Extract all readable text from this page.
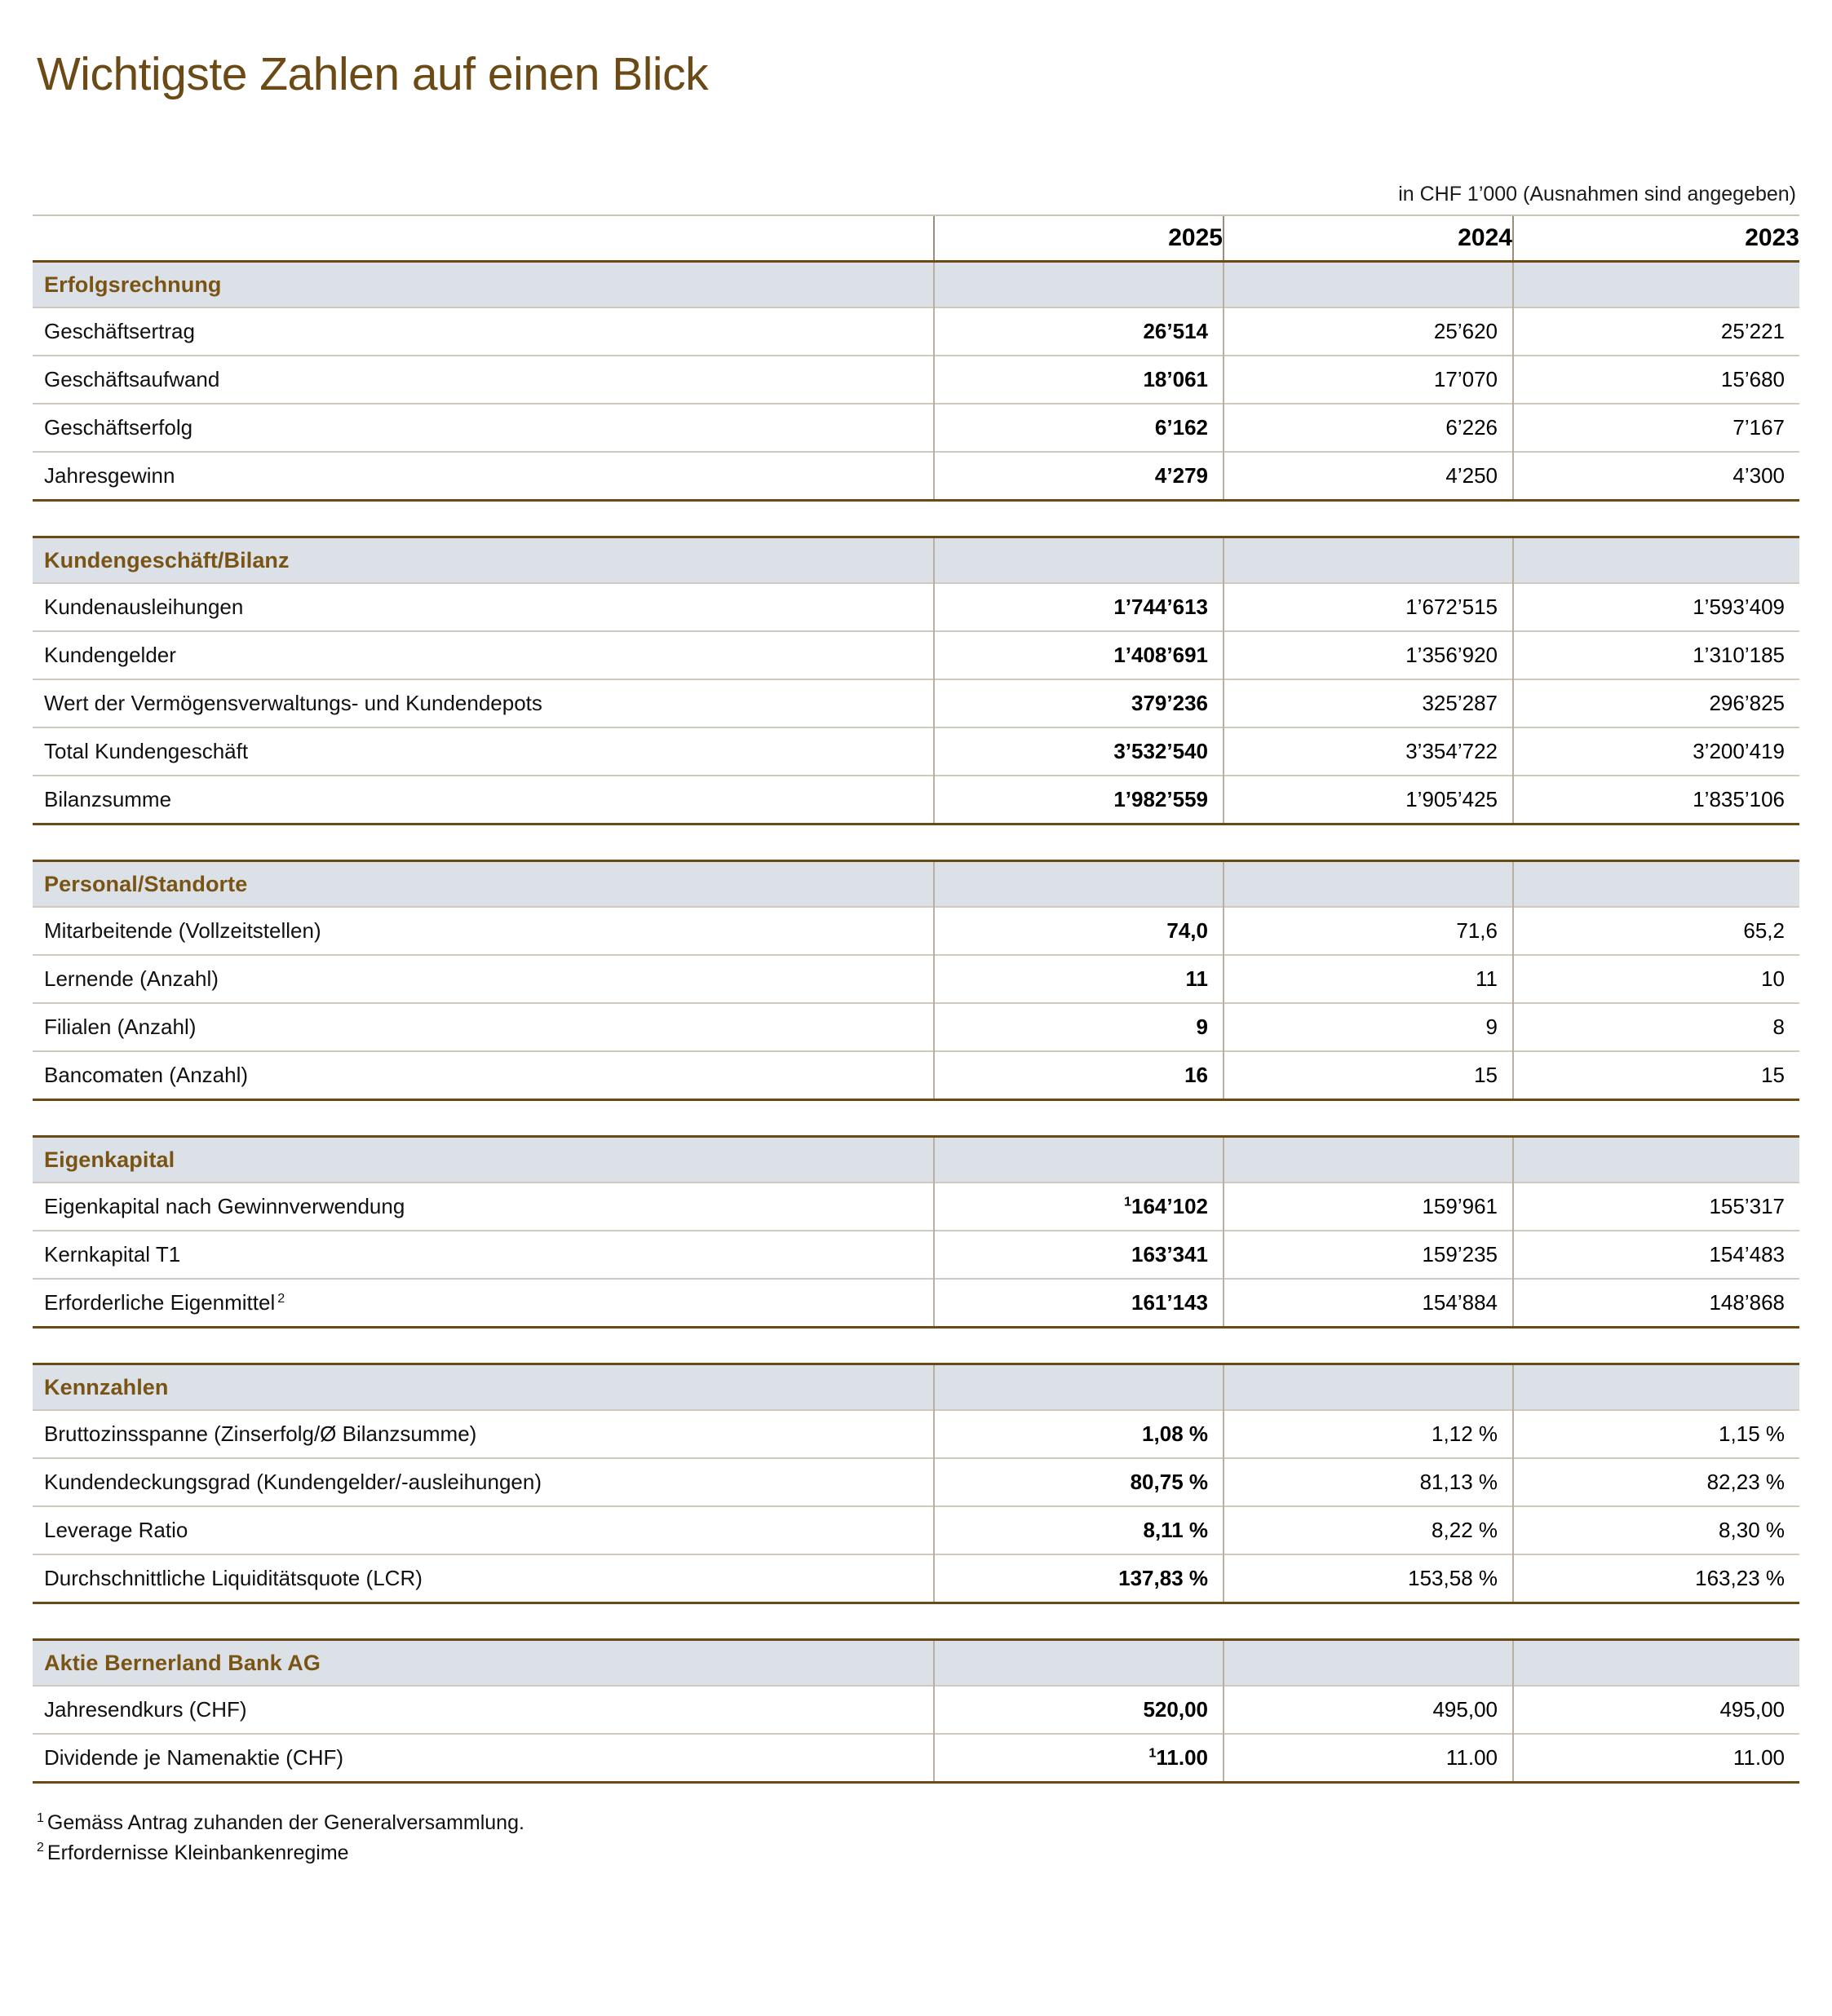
Wichtigste Zahlen auf einen Blick
in CHF 1’000 (Ausnahmen sind angegeben)
	2025	2024	2023
Erfolgsrechnung			
Geschäftsertrag	26’514	25’620	25’221
Geschäftsaufwand	18’061	17’070	15’680
Geschäftserfolg	6’162	6’226	7’167
Jahresgewinn	4’279	4’250	4’300

Kundengeschäft/Bilanz			
Kundenausleihungen	1’744’613	1’672’515	1’593’409
Kundengelder	1’408’691	1’356’920	1’310’185
Wert der Vermögensverwaltungs- und Kundendepots	379’236	325’287	296’825
Total Kundengeschäft	3’532’540	3’354’722	3’200’419
Bilanzsumme	1’982’559	1’905’425	1’835’106

Personal/Standorte			
Mitarbeitende (Vollzeitstellen)	74,0	71,6	65,2
Lernende (Anzahl)	11	11	10
Filialen (Anzahl)	9	9	8
Bancomaten (Anzahl)	16	15	15

Eigenkapital			
Eigenkapital nach Gewinnverwendung	$^1$164’102	159’961	155’317
Kernkapital T1	163’341	159’235	154’483
Erforderliche Eigenmittel $^2$	161’143	154’884	148’868

Kennzahlen			
Bruttozinsspanne (Zinserfolg/Ø Bilanzsumme)	1,08 %	1,12 %	1,15 %
Kundendeckungsgrad (Kundengelder/-ausleihungen)	80,75 %	81,13 %	82,23 %
Leverage Ratio	8,11 %	8,22 %	8,30 %
Durchschnittliche Liquiditätsquote (LCR)	137,83 %	153,58 %	163,23 %

Aktie Bernerland Bank AG			
Jahresendkurs (CHF)	520,00	495,00	495,00
Dividende je Namenaktie (CHF)	$^1$11.00	11.00	11.00
$^1$ Gemäss Antrag zuhanden der Generalversammlung.
$^2$ Erfordernisse Kleinbankenregime
